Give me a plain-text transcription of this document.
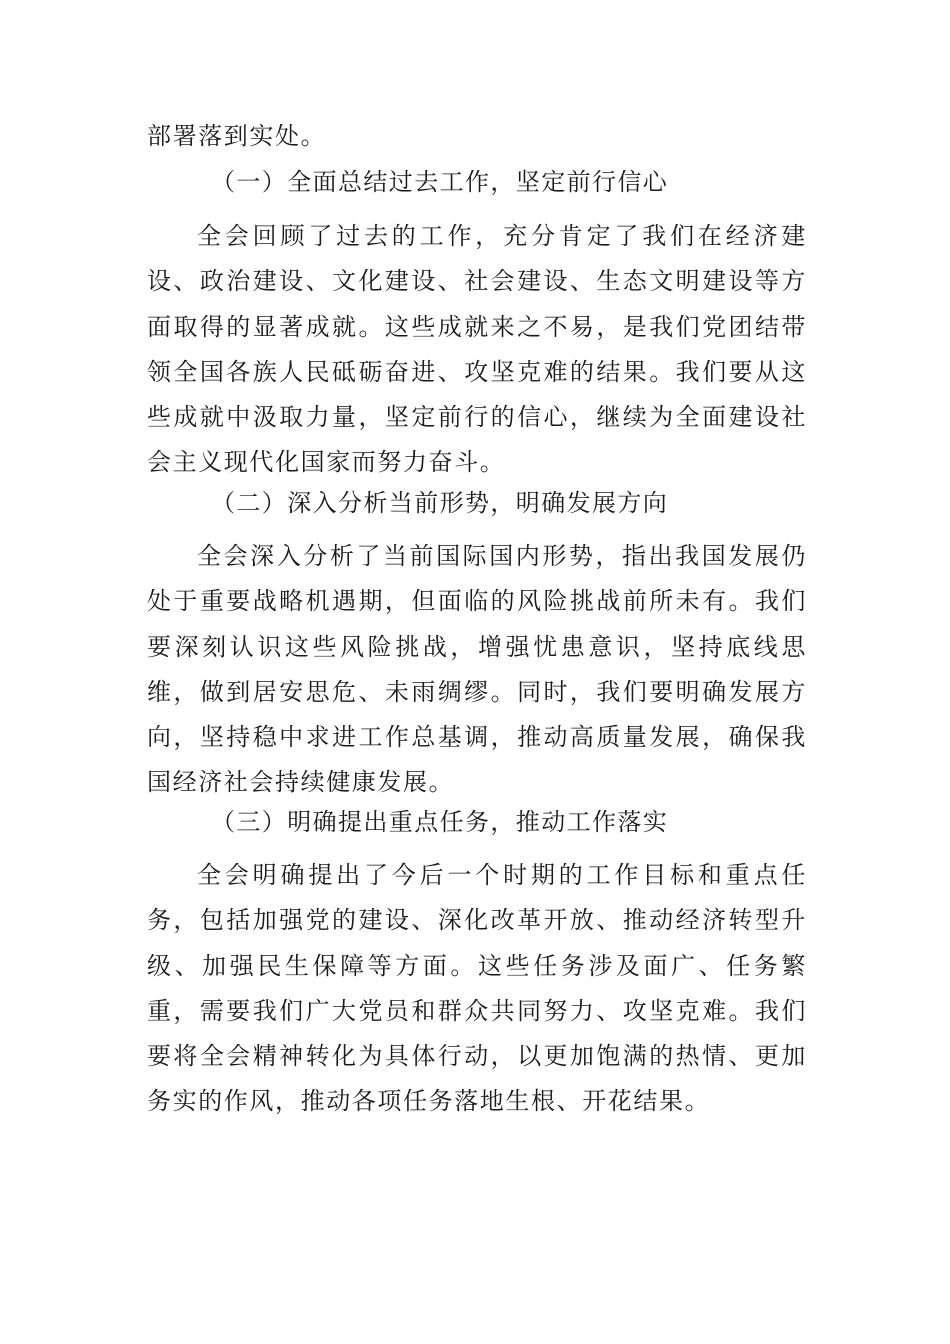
部署落到实处。
（一）全面总结过去工作，坚定前行信心
全会回顾了过去的工作，充分肯定了我们在经济建设、政治建设、文化建设、社会建设、生态文明建设等方面取得的显著成就。这些成就来之不易，是我们党团结带领全国各族人民砥砺奋进、攻坚克难的结果。我们要从这些成就中汲取力量，坚定前行的信心，继续为全面建设社会主义现代化国家而努力奋斗。
（二）深入分析当前形势，明确发展方向
全会深入分析了当前国际国内形势，指出我国发展仍处于重要战略机遇期，但面临的风险挑战前所未有。我们要深刻认识这些风险挑战，增强忧患意识，坚持底线思维，做到居安思危、未雨绸缪。同时，我们要明确发展方向，坚持稳中求进工作总基调，推动高质量发展，确保我国经济社会持续健康发展。
（三）明确提出重点任务，推动工作落实
全会明确提出了今后一个时期的工作目标和重点任务，包括加强党的建设、深化改革开放、推动经济转型升级、加强民生保障等方面。这些任务涉及面广、任务繁重，需要我们广大党员和群众共同努力、攻坚克难。我们要将全会精神转化为具体行动，以更加饱满的热情、更加务实的作风，推动各项任务落地生根、开花结果。
